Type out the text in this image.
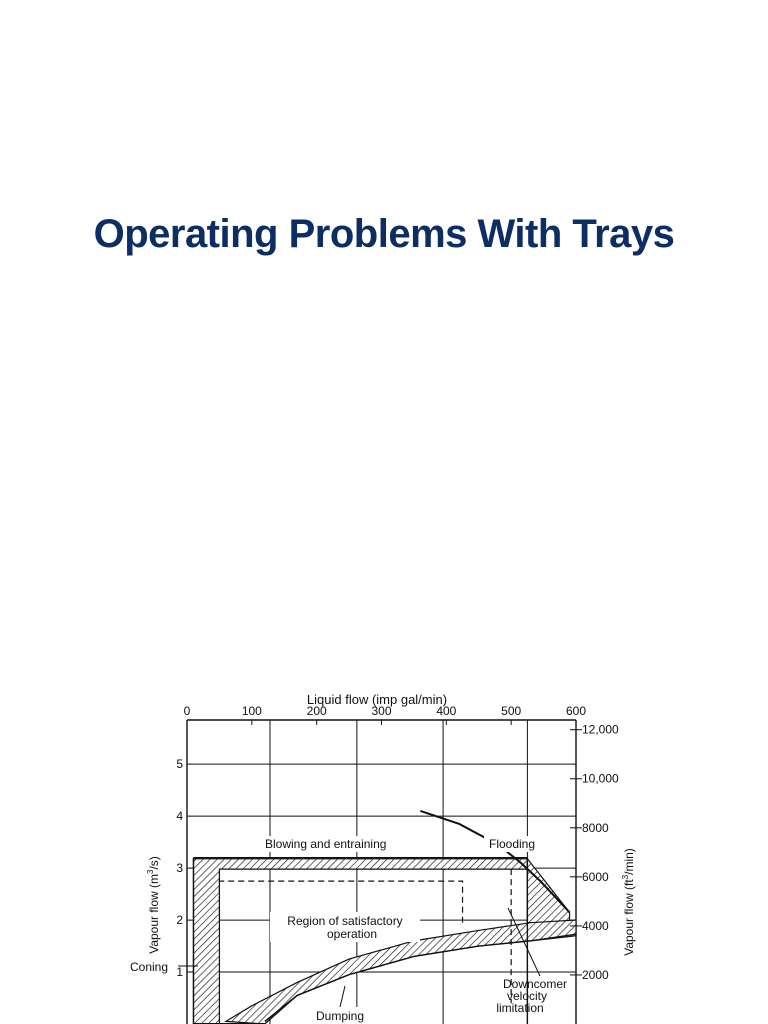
Operating Problems With Trays
0	100	200	300	400	500	600
1
2
3
4
5
2000
4000
6000
8000
10,000
12,000
Liquid flow (imp gal/min)
Vapour flow $(m^3/s)$
Vapour flow $(ft^3/\min)$
Blowing and entraining	Flooding
Region of satisfactory
operation
Coning
Downcomer
velocity
limitation
Dumping
